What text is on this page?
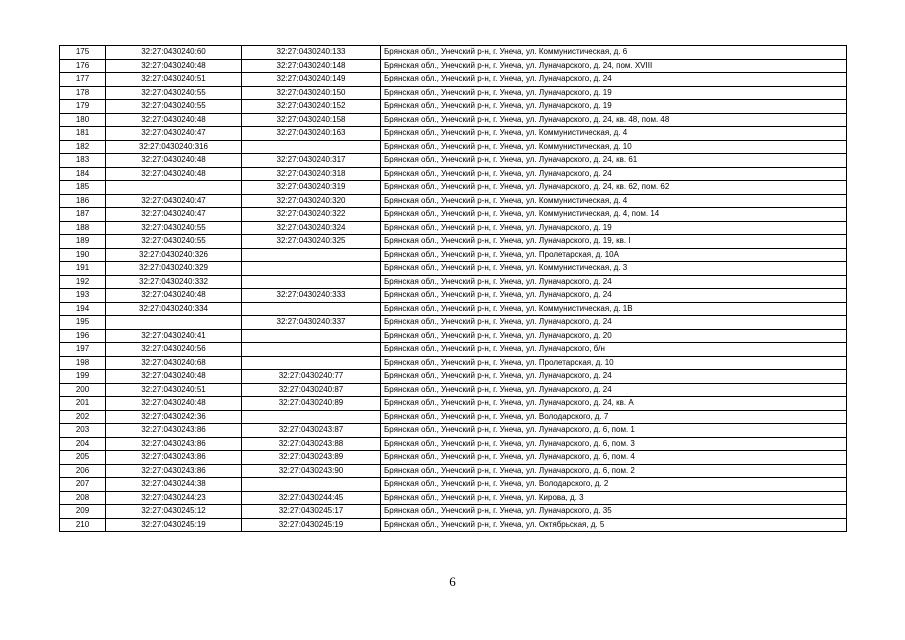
175	32:27:0430240:60	32:27:0430240:133	Брянская обл., Унечский р-н, г. Унеча, ул. Коммунистическая, д. 6
176	32:27:0430240:48	32:27:0430240:148	Брянская обл., Унечский р-н, г. Унеча, ул. Луначарского, д. 24, пом. XVIII
177	32:27:0430240:51	32:27:0430240:149	Брянская обл., Унечский р-н, г. Унеча, ул. Луначарского, д. 24
178	32:27:0430240:55	32:27:0430240:150	Брянская обл., Унечский р-н, г. Унеча, ул. Луначарского, д. 19
179	32:27:0430240:55	32:27:0430240:152	Брянская обл., Унечский р-н, г. Унеча, ул. Луначарского, д. 19
180	32:27:0430240:48	32:27:0430240:158	Брянская обл., Унечский р-н, г. Унеча, ул. Луначарского, д. 24, кв. 48, пом. 48
181	32:27:0430240:47	32:27:0430240:163	Брянская обл., Унечский р-н, г. Унеча, ул. Коммунистическая, д. 4
182	32:27:0430240:316		Брянская обл., Унечский р-н, г. Унеча, ул. Коммунистическая, д. 10
183	32:27:0430240:48	32:27:0430240:317	Брянская обл., Унечский р-н, г. Унеча, ул. Луначарского, д. 24, кв. 61
184	32:27:0430240:48	32:27:0430240:318	Брянская обл., Унечский р-н, г. Унеча, ул. Луначарского, д. 24
185		32:27:0430240:319	Брянская обл., Унечский р-н, г. Унеча, ул. Луначарского, д. 24, кв. 62, пом. 62
186	32:27:0430240:47	32:27:0430240:320	Брянская обл., Унечский р-н, г. Унеча, ул. Коммунистическая, д. 4
187	32:27:0430240:47	32:27:0430240:322	Брянская обл., Унечский р-н, г. Унеча, ул. Коммунистическая, д. 4, пом. 14
188	32:27:0430240:55	32:27:0430240:324	Брянская обл., Унечский р-н, г. Унеча, ул. Луначарского, д. 19
189	32:27:0430240:55	32:27:0430240:325	Брянская обл., Унечский р-н, г. Унеча, ул. Луначарского, д. 19, кв. I
190	32:27:0430240:326		Брянская обл., Унечский р-н, г. Унеча, ул. Пролетарская, д. 10А
191	32:27:0430240:329		Брянская обл., Унечский р-н, г. Унеча, ул. Коммунистическая, д. 3
192	32:27:0430240:332		Брянская обл., Унечский р-н, г. Унеча, ул. Луначарского, д. 24
193	32:27:0430240:48	32:27:0430240:333	Брянская обл., Унечский р-н, г. Унеча, ул. Луначарского, д. 24
194	32:27:0430240:334		Брянская обл., Унечский р-н, г. Унеча, ул. Коммунистическая, д. 1В
195		32:27:0430240:337	Брянская обл., Унечский р-н, г. Унеча, ул. Луначарского, д. 24
196	32:27:0430240:41		Брянская обл., Унечский р-н, г. Унеча, ул. Луначарского, д. 20
197	32:27:0430240:56		Брянская обл., Унечский р-н, г. Унеча, ул. Луначарского, б/н
198	32:27:0430240:68		Брянская обл., Унечский р-н, г. Унеча, ул. Пролетарская, д. 10
199	32:27:0430240:48	32:27:0430240:77	Брянская обл., Унечский р-н, г. Унеча, ул. Луначарского, д. 24
200	32:27:0430240:51	32:27:0430240:87	Брянская обл., Унечский р-н, г. Унеча, ул. Луначарского, д. 24
201	32:27:0430240:48	32:27:0430240:89	Брянская обл., Унечский р-н, г. Унеча, ул. Луначарского, д. 24, кв. А
202	32:27:0430242:36		Брянская обл., Унечский р-н, г. Унеча, ул. Володарского, д. 7
203	32:27:0430243:86	32:27:0430243:87	Брянская обл., Унечский р-н, г. Унеча, ул. Луначарского, д. 6, пом. 1
204	32:27:0430243:86	32:27:0430243:88	Брянская обл., Унечский р-н, г. Унеча, ул. Луначарского, д. 6, пом. 3
205	32:27:0430243:86	32:27:0430243:89	Брянская обл., Унечский р-н, г. Унеча, ул. Луначарского, д. 6, пом. 4
206	32:27:0430243:86	32:27:0430243:90	Брянская обл., Унечский р-н, г. Унеча, ул. Луначарского, д. 6, пом. 2
207	32:27:0430244:38		Брянская обл., Унечский р-н, г. Унеча, ул. Володарского, д. 2
208	32:27:0430244:23	32:27:0430244:45	Брянская обл., Унечский р-н, г. Унеча, ул. Кирова, д. 3
209	32:27:0430245:12	32:27:0430245:17	Брянская обл., Унечский р-н, г. Унеча, ул. Луначарского, д. 35
210	32:27:0430245:19	32:27:0430245:19	Брянская обл., Унечский р-н, г. Унеча, ул. Октябрьская, д. 5
6
